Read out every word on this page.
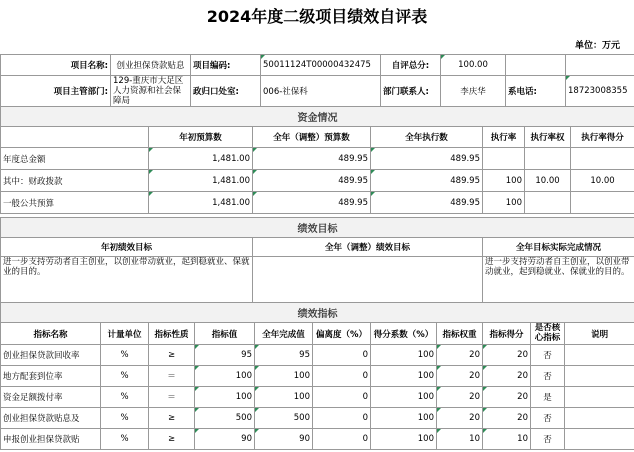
2024年度二级项目绩效自评表
单位：万元
项目名称:	创业担保贷款贴息	项目编码:	50011124T00000432475	自评总分:	100.00		
项目主管部门:	129-重庆市大足区人力资源和社会保障局	政归口处室:	006-社保科	部门联系人:	李庆华	系电话:	18723008355
资金情况						
	年初预算数	全年（调整）预算数	全年执行数	执行率	执行率权	执行率得分
年度总金额	1,481.00	489.95	489.95			
其中：财政拨款	1,481.00	489.95	489.95	100	10.00	10.00
一般公共预算	1,481.00	489.95	489.95	100		
绩效目标		
年初绩效目标	全年（调整）绩效目标	全年目标实际完成情况
进一步支持劳动者自主创业，以创业带动就业，起到稳就业、保就业的目的。		进一步支持劳动者自主创业，以创业带动就业，起到稳就业、保就业的目的。
绩效指标										
指标名称	计量单位	指标性质	指标值	全年完成值	偏离度（%）	得分系数（%）	指标权重	指标得分	是否核心指标	说明
创业担保贷款回收率	%	≥	95	95	0	100	20	20	否	
地方配套到位率	%	＝	100	100	0	100	20	20	否	
资金足额拨付率	%	＝	100	100	0	100	20	20	是	
创业担保贷款贴息及	%	≥	500	500	0	100	20	20	否	
申报创业担保贷款贴	%	≥	90	90	0	100	10	10	否	
